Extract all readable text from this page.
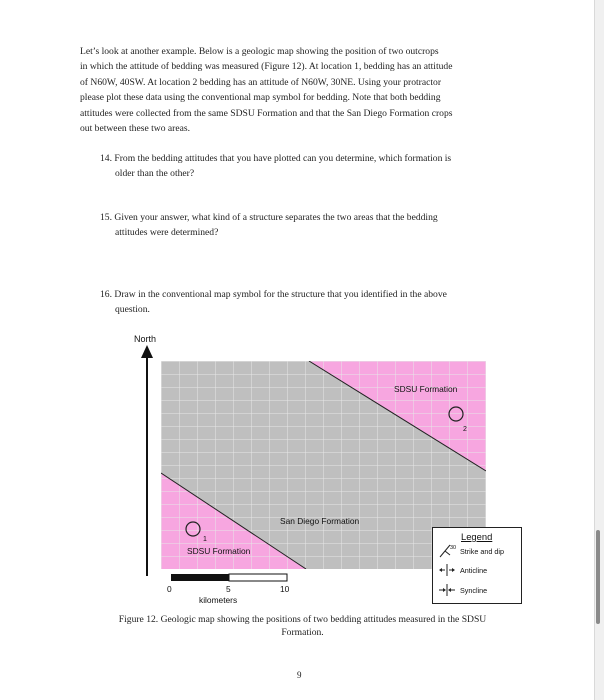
Let’s look at another example. Below is a geologic map showing the position of two outcrops
in which the attitude of bedding was measured (Figure 12). At location 1, bedding has an attitude
of N60W, 40SW. At location 2 bedding has an attitude of N60W, 30NE. Using your protractor
please plot these data using the conventional map symbol for bedding. Note that both bedding
attitudes were collected from the same SDSU Formation and that the San Diego Formation crops
out between these two areas.
14. From the bedding attitudes that you have plotted can you determine, which formation is
older than the other?
15. Given your answer, what kind of a structure separates the two areas that the bedding
attitudes were determined?
16. Draw in the conventional map symbol for the structure that you identified in the above
question.
North
SDSU Formation
2
San Diego Formation
1
SDSU Formation
Legend
30 Strike and dip
Anticline
Syncline
0	5	10
kilometers
Figure 12. Geologic map showing the positions of two bedding attitudes measured in the SDSU
Formation.
9
